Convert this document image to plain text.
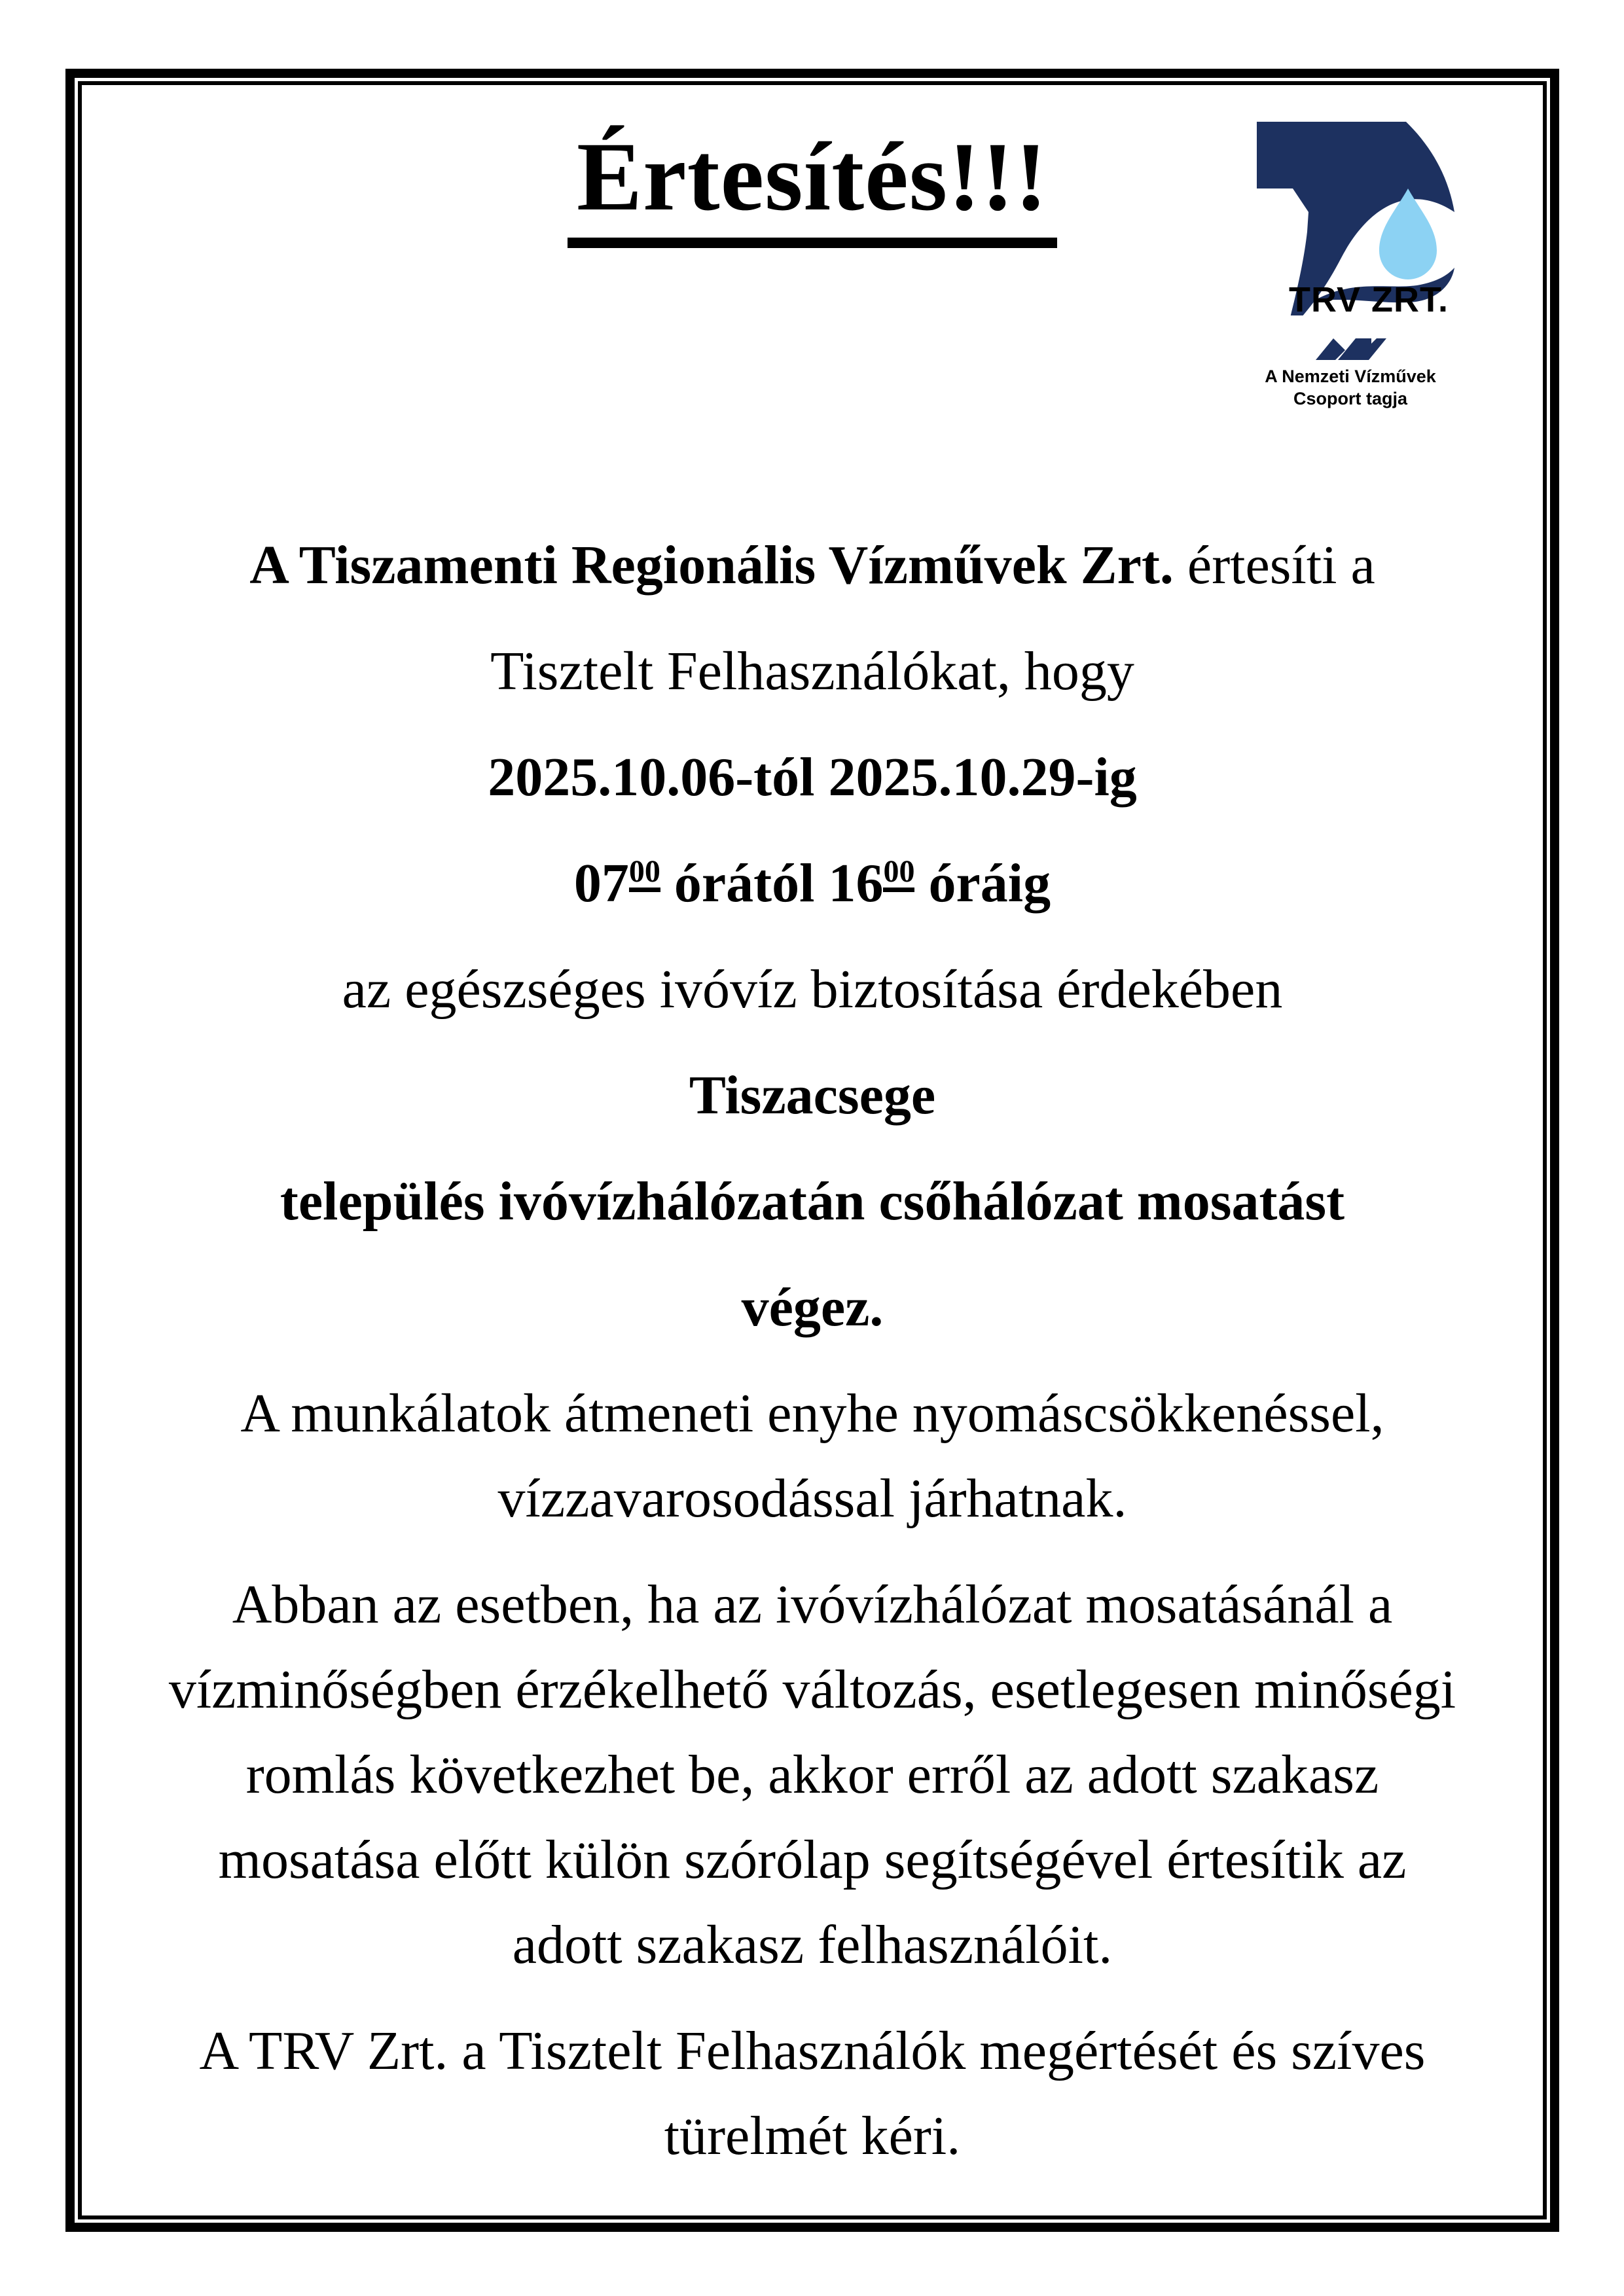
Értesítés!!!
TRV ZRT.
A Nemzeti Vízművek
Csoport tagja

A Tiszamenti Regionális Vízművek Zrt. értesíti a

Tisztelt Felhasználókat, hogy

2025.10.06-tól 2025.10.29-ig

0700 órától 1600 óráig

az egészséges ivóvíz biztosítása érdekében

Tiszacsege

település ivóvízhálózatán csőhálózat mosatást

végez.

A munkálatok átmeneti enyhe nyomáscsökkenéssel,
vízzavarosodással járhatnak.

Abban az esetben, ha az ivóvízhálózat mosatásánál a
vízminőségben érzékelhető változás, esetlegesen minőségi
romlás következhet be, akkor erről az adott szakasz
mosatása előtt külön szórólap segítségével értesítik az
adott szakasz felhasználóit.

A TRV Zrt. a Tisztelt Felhasználók megértését és szíves
türelmét kéri.
